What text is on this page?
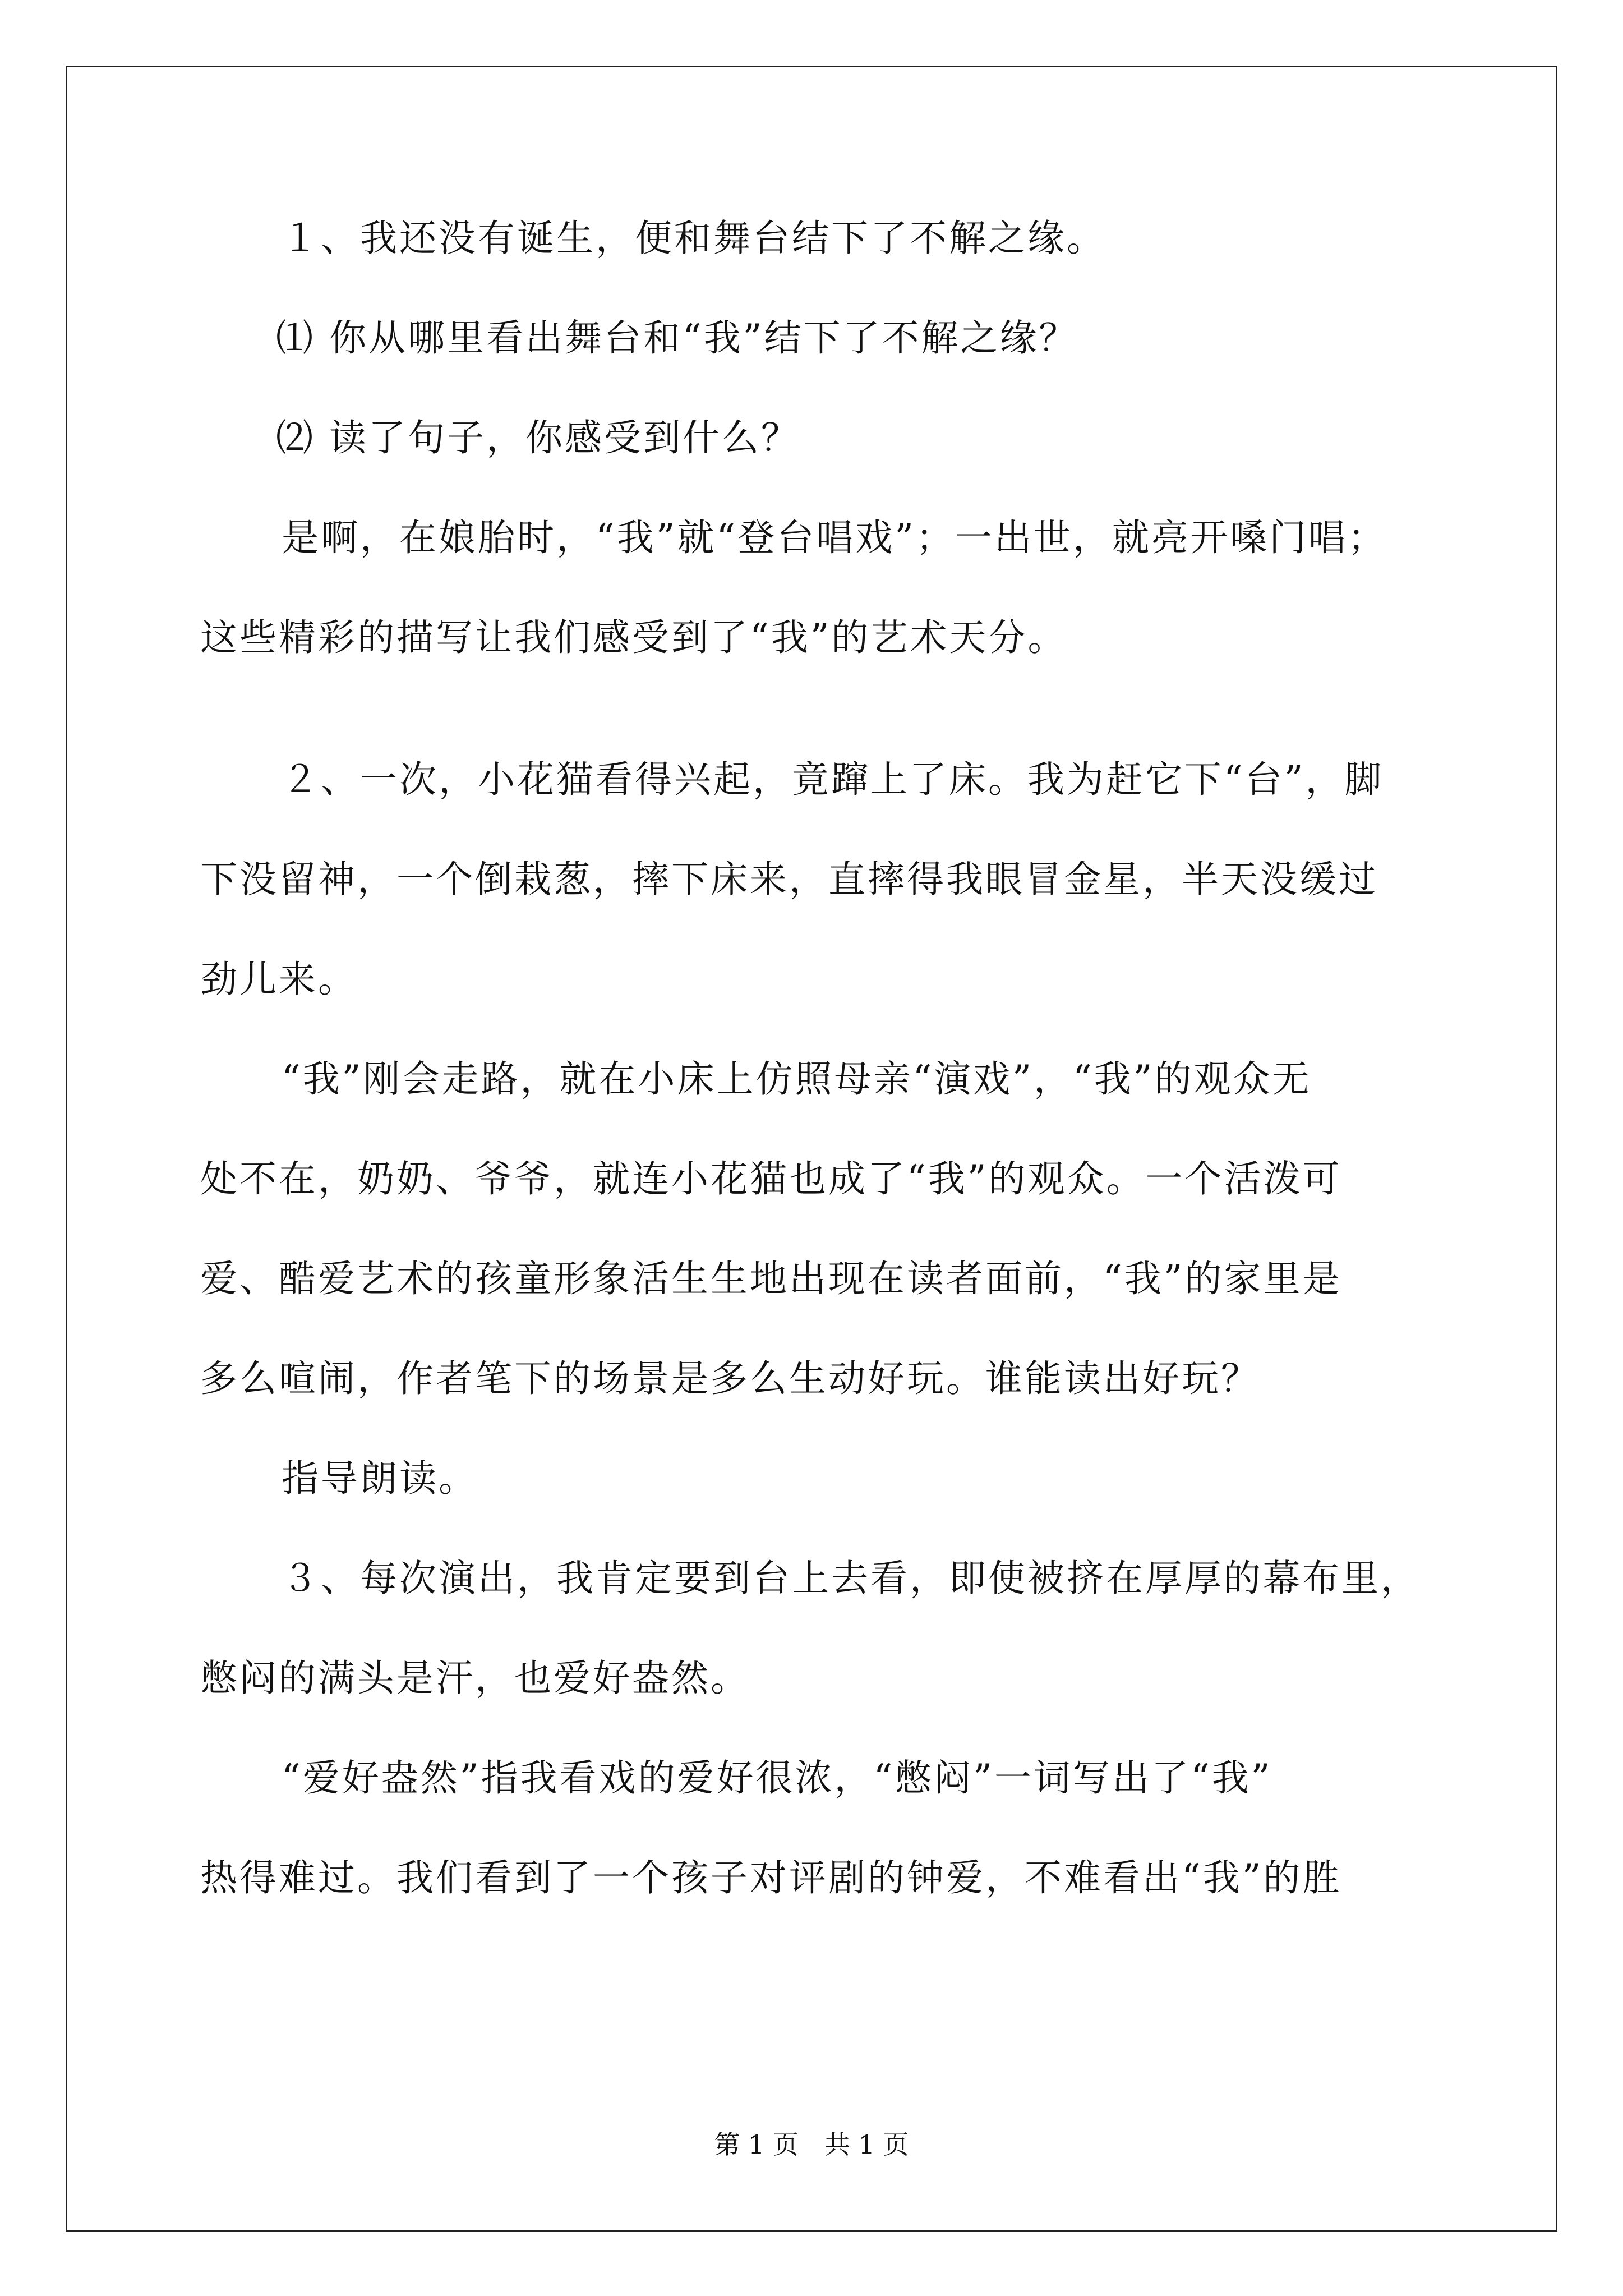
１、我还没有诞生，便和舞台结下了不解之缘。
⑴ 你从哪里看出舞台和“我”结下了不解之缘？
⑵ 读了句子，你感受到什么？
是啊，在娘胎时，“我”就“登台唱戏”；一出世，就亮开嗓门唱；
这些精彩的描写让我们感受到了“我”的艺术天分。
２、一次，小花猫看得兴起，竟蹿上了床。我为赶它下“台”，脚
下没留神，一个倒栽葱，摔下床来，直摔得我眼冒金星，半天没缓过
劲儿来。
“我”刚会走路，就在小床上仿照母亲“演戏”，“我”的观众无
处不在，奶奶、爷爷，就连小花猫也成了“我”的观众。一个活泼可
爱、酷爱艺术的孩童形象活生生地出现在读者面前，“我”的家里是
多么喧闹，作者笔下的场景是多么生动好玩。谁能读出好玩？
指导朗读。
３、每次演出，我肯定要到台上去看，即使被挤在厚厚的幕布里，
憋闷的满头是汗，也爱好盎然。
“爱好盎然”指我看戏的爱好很浓，“憋闷”一词写出了“我”
热得难过。我们看到了一个孩子对评剧的钟爱，不难看出“我”的胜
第 1 页　共 1 页
